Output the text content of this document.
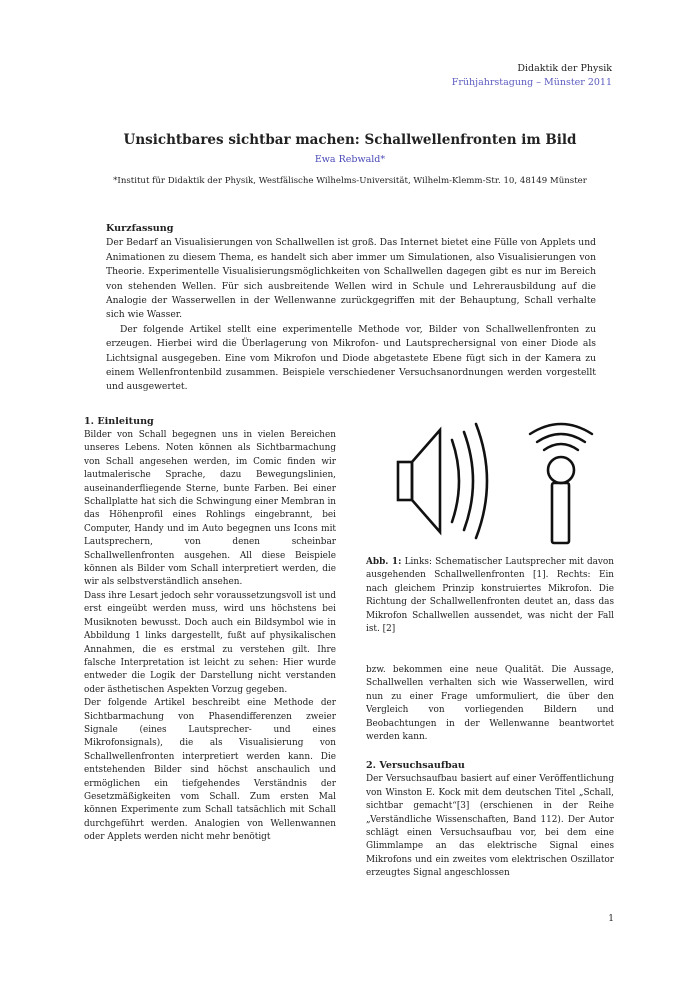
Didaktik der Physik
Frühjahrstagung – Münster 2011
Unsichtbares sichtbar machen: Schallwellenfronten im Bild
Ewa Rebwald*
*Institut für Didaktik der Physik, Westfälische Wilhelms-Universität, Wilhelm-Klemm-Str. 10, 48149 Münster
Kurzfassung

Der Bedarf an Visualisierungen von Schallwellen ist groß. Das Internet bietet eine Fülle von Applets und Animationen zu diesem Thema, es handelt sich aber immer um Simulationen, also Visualisierungen von Theorie. Experimentelle Visualisierungsmöglichkeiten von Schallwellen dagegen gibt es nur im Bereich von stehenden Wellen. Für sich ausbreitende Wellen wird in Schule und Lehrerausbildung auf die Analogie der Wasserwellen in der Wellenwanne zurückgegriffen mit der Behauptung, Schall verhalte sich wie Wasser.

Der folgende Artikel stellt eine experimentelle Methode vor, Bilder von Schallwellenfronten zu erzeugen. Hierbei wird die Überlagerung von Mikrofon- und Lautsprechersignal von einer Diode als Lichtsignal ausgegeben. Eine vom Mikrofon und Diode abgetastete Ebene fügt sich in der Kamera zu einem Wellenfrontenbild zusammen. Beispiele verschiedener Versuchsanordnungen werden vorgestellt und ausgewertet.

1. Einleitung

Bilder von Schall begegnen uns in vielen Bereichen unseres Lebens. Noten können als Sichtbarmachung von Schall angesehen werden, im Comic finden wir lautmalerische Sprache, dazu Bewegungslinien, auseinanderfliegende Sterne, bunte Farben. Bei einer Schallplatte hat sich die Schwingung einer Membran in das Höhenprofil eines Rohlings eingebrannt, bei Computer, Handy und im Auto begegnen uns Icons mit Lautsprechern, von denen scheinbar Schallwellenfronten ausgehen. All diese Beispiele können als Bilder vom Schall interpretiert werden, die wir als selbstverständlich ansehen.

Dass ihre Lesart jedoch sehr voraussetzungsvoll ist und erst eingeübt werden muss, wird uns höchstens bei Musiknoten bewusst. Doch auch ein Bildsymbol wie in Abbildung 1 links dargestellt, fußt auf physikalischen Annahmen, die es erstmal zu verstehen gilt. Ihre falsche Interpretation ist leicht zu sehen: Hier wurde entweder die Logik der Darstellung nicht verstanden oder ästhetischen Aspekten Vorzug gegeben.

Der folgende Artikel beschreibt eine Methode der Sichtbarmachung von Phasendifferenzen zweier Signale (eines Lautsprecher- und eines Mikrofonsignals), die als Visualisierung von Schallwellenfronten interpretiert werden kann. Die entstehenden Bilder sind höchst anschaulich und ermöglichen ein tiefgehendes Verständnis der Gesetzmäßigkeiten vom Schall. Zum ersten Mal können Experimente zum Schall tatsächlich mit Schall durchgeführt werden. Analogien von Wellenwannen oder Applets werden nicht mehr benötigt

Abb. 1: Links: Schematischer Lautsprecher mit davon ausgehenden Schallwellenfronten [1]. Rechts: Ein nach gleichem Prinzip konstruiertes Mikrofon. Die Richtung der Schallwellenfronten deutet an, dass das Mikrofon Schallwellen aussendet, was nicht der Fall ist. [2]

bzw. bekommen eine neue Qualität. Die Aussage, Schallwellen verhalten sich wie Wasserwellen, wird nun zu einer Frage umformuliert, die über den Vergleich von vorliegenden Bildern und Beobachtungen in der Wellenwanne beantwortet werden kann.

2. Versuchsaufbau

Der Versuchsaufbau basiert auf einer Veröffentlichung von Winston E. Kock mit dem deutschen Titel „Schall, sichtbar gemacht“[3] (erschienen in der Reihe „Verständliche Wissenschaften, Band 112). Der Autor schlägt einen Versuchsaufbau vor, bei dem eine Glimmlampe an das elektrische Signal eines Mikrofons und ein zweites vom elektrischen Oszillator erzeugtes Signal angeschlossen

1
